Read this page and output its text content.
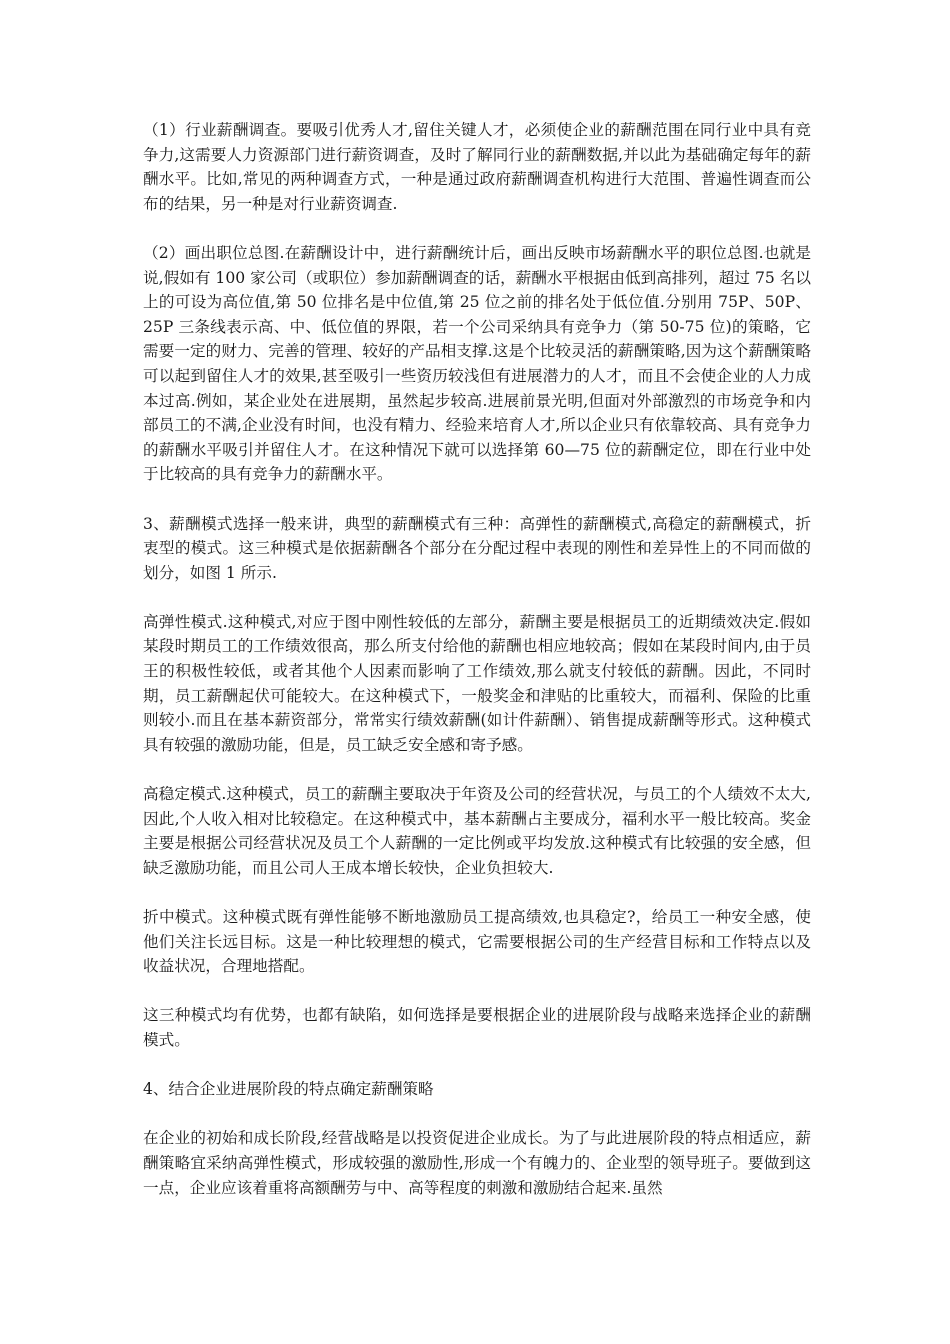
（1）行业薪酬调查。要吸引优秀人才,留住关键人才，必须使企业的薪酬范围在同行业中具有竞争力,这需要人力资源部门进行薪资调查，及时了解同行业的薪酬数据,并以此为基础确定每年的薪酬水平。比如,常见的两种调查方式，一种是通过政府薪酬调查机构进行大范围、普遍性调查而公布的结果，另一种是对行业薪资调查.

（2）画出职位总图.在薪酬设计中，进行薪酬统计后，画出反映市场薪酬水平的职位总图.也就是说,假如有 100 家公司（或职位）参加薪酬调查的话，薪酬水平根据由低到高排列，超过 75 名以上的可设为高位值,第 50 位排名是中位值,第 25 位之前的排名处于低位值.分别用 75P、50P、25P 三条线表示高、中、低位值的界限，若一个公司采纳具有竞争力（第 50-75 位)的策略，它需要一定的财力、完善的管理、较好的产品相支撑.这是个比较灵活的薪酬策略,因为这个薪酬策略可以起到留住人才的效果,甚至吸引一些资历较浅但有进展潜力的人才，而且不会使企业的人力成本过高.例如，某企业处在进展期，虽然起步较高.进展前景光明,但面对外部激烈的市场竞争和内部员工的不满,企业没有时间，也没有精力、经验来培育人才,所以企业只有依靠较高、具有竞争力的薪酬水平吸引并留住人才。在这种情况下就可以选择第 60—75 位的薪酬定位，即在行业中处于比较高的具有竞争力的薪酬水平。

3、薪酬模式选择一般来讲，典型的薪酬模式有三种：高弹性的薪酬模式,高稳定的薪酬模式，折衷型的模式。这三种模式是依据薪酬各个部分在分配过程中表现的刚性和差异性上的不同而做的划分，如图 1 所示.

高弹性模式.这种模式,对应于图中刚性较低的左部分，薪酬主要是根据员工的近期绩效决定.假如某段时期员工的工作绩效很高，那么所支付给他的薪酬也相应地较高；假如在某段时间内,由于员王的积极性较低，或者其他个人因素而影响了工作绩效,那么就支付较低的薪酬。因此，不同时期，员工薪酬起伏可能较大。在这种模式下，一般奖金和津贴的比重较大，而福利、保险的比重则较小.而且在基本薪资部分，常常实行绩效薪酬(如计件薪酬）、销售提成薪酬等形式。这种模式具有较强的激励功能，但是，员工缺乏安全感和寄予感。

高稳定模式.这种模式，员工的薪酬主要取决于年资及公司的经营状况，与员工的个人绩效不太大,因此,个人收入相对比较稳定。在这种模式中，基本薪酬占主要成分，福利水平一般比较高。奖金主要是根据公司经营状况及员工个人薪酬的一定比例或平均发放.这种模式有比较强的安全感，但缺乏激励功能，而且公司人王成本增长较快，企业负担较大.

折中模式。这种模式既有弹性能够不断地激励员工提高绩效,也具稳定?，给员工一种安全感，使他们关注长远目标。这是一种比较理想的模式，它需要根据公司的生产经营目标和工作特点以及收益状况，合理地搭配。

这三种模式均有优势，也都有缺陷，如何选择是要根据企业的进展阶段与战略来选择企业的薪酬模式。

4、结合企业进展阶段的特点确定薪酬策略

在企业的初始和成长阶段,经营战略是以投资促进企业成长。为了与此进展阶段的特点相适应，薪酬策略宜采纳高弹性模式，形成较强的激励性,形成一个有魄力的、企业型的领导班子。要做到这一点，企业应该着重将高额酬劳与中、高等程度的刺激和激励结合起来.虽然
